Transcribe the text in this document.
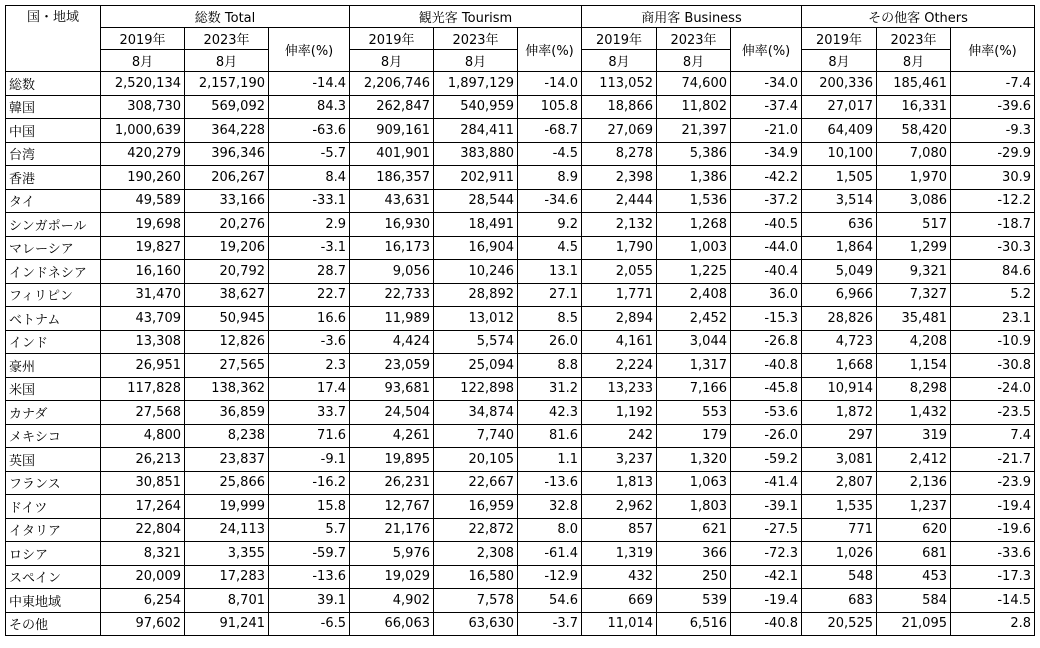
国・地域	総数 Total			観光客 Tourism			商用客 Business			その他客 Others		
	2019年	2023年	伸率(%)	2019年	2023年	伸率(%)	2019年	2023年	伸率(%)	2019年	2023年	伸率(%)
	8月	8月		8月	8月		8月	8月		8月	8月	
総数	2,520,134	2,157,190	-14.4	2,206,746	1,897,129	-14.0	113,052	74,600	-34.0	200,336	185,461	-7.4
韓国	308,730	569,092	84.3	262,847	540,959	105.8	18,866	11,802	-37.4	27,017	16,331	-39.6
中国	1,000,639	364,228	-63.6	909,161	284,411	-68.7	27,069	21,397	-21.0	64,409	58,420	-9.3
台湾	420,279	396,346	-5.7	401,901	383,880	-4.5	8,278	5,386	-34.9	10,100	7,080	-29.9
香港	190,260	206,267	8.4	186,357	202,911	8.9	2,398	1,386	-42.2	1,505	1,970	30.9
タイ	49,589	33,166	-33.1	43,631	28,544	-34.6	2,444	1,536	-37.2	3,514	3,086	-12.2
シンガポール	19,698	20,276	2.9	16,930	18,491	9.2	2,132	1,268	-40.5	636	517	-18.7
マレーシア	19,827	19,206	-3.1	16,173	16,904	4.5	1,790	1,003	-44.0	1,864	1,299	-30.3
インドネシア	16,160	20,792	28.7	9,056	10,246	13.1	2,055	1,225	-40.4	5,049	9,321	84.6
フィリピン	31,470	38,627	22.7	22,733	28,892	27.1	1,771	2,408	36.0	6,966	7,327	5.2
ベトナム	43,709	50,945	16.6	11,989	13,012	8.5	2,894	2,452	-15.3	28,826	35,481	23.1
インド	13,308	12,826	-3.6	4,424	5,574	26.0	4,161	3,044	-26.8	4,723	4,208	-10.9
豪州	26,951	27,565	2.3	23,059	25,094	8.8	2,224	1,317	-40.8	1,668	1,154	-30.8
米国	117,828	138,362	17.4	93,681	122,898	31.2	13,233	7,166	-45.8	10,914	8,298	-24.0
カナダ	27,568	36,859	33.7	24,504	34,874	42.3	1,192	553	-53.6	1,872	1,432	-23.5
メキシコ	4,800	8,238	71.6	4,261	7,740	81.6	242	179	-26.0	297	319	7.4
英国	26,213	23,837	-9.1	19,895	20,105	1.1	3,237	1,320	-59.2	3,081	2,412	-21.7
フランス	30,851	25,866	-16.2	26,231	22,667	-13.6	1,813	1,063	-41.4	2,807	2,136	-23.9
ドイツ	17,264	19,999	15.8	12,767	16,959	32.8	2,962	1,803	-39.1	1,535	1,237	-19.4
イタリア	22,804	24,113	5.7	21,176	22,872	8.0	857	621	-27.5	771	620	-19.6
ロシア	8,321	3,355	-59.7	5,976	2,308	-61.4	1,319	366	-72.3	1,026	681	-33.6
スペイン	20,009	17,283	-13.6	19,029	16,580	-12.9	432	250	-42.1	548	453	-17.3
中東地域	6,254	8,701	39.1	4,902	7,578	54.6	669	539	-19.4	683	584	-14.5
その他	97,602	91,241	-6.5	66,063	63,630	-3.7	11,014	6,516	-40.8	20,525	21,095	2.8
